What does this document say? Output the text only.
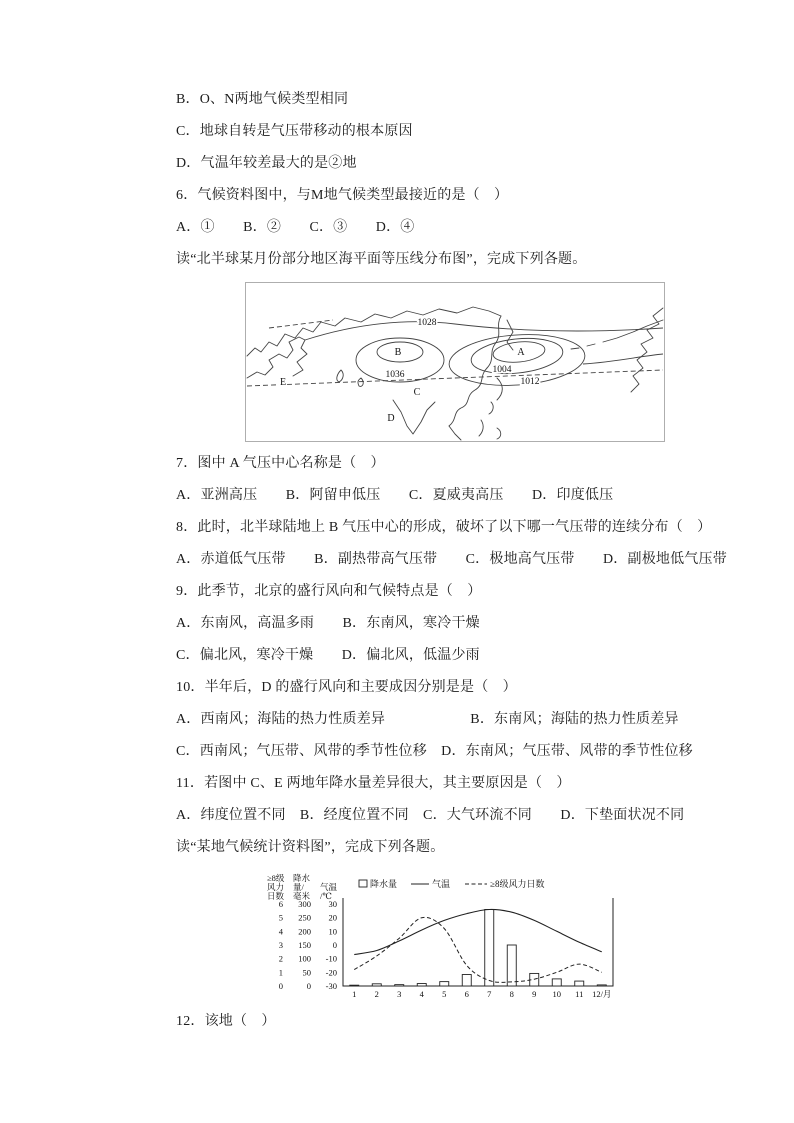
B．O、N两地气候类型相同

C．地球自转是气压带移动的根本原因

D．气温年较差最大的是②地

6．气候资料图中，与M地气候类型最接近的是（　）

A．①　　B．②　　C．③　　D．④

读“北半球某月份部分地区海平面等压线分布图”，完成下列各题。

1028
B
1036
A
1004
1012
E
C
D

7．图中 A 气压中心名称是（　）

A．亚洲高压　　B．阿留申低压　　C．夏威夷高压　　D．印度低压

8．此时，北半球陆地上 B 气压中心的形成，破坏了以下哪一气压带的连续分布（　）

A．赤道低气压带　　B．副热带高气压带　　C．极地高气压带　　D．副极地低气压带

9．此季节，北京的盛行风向和气候特点是（　）

A．东南风，高温多雨　　B．东南风，寒冷干燥

C．偏北风，寒冷干燥　　D．偏北风，低温少雨

10．半年后，D 的盛行风向和主要成因分别是是（　）

A．西南风；海陆的热力性质差异　　　　　　B．东南风；海陆的热力性质差异

C．西南风；气压带、风带的季节性位移　D．东南风；气压带、风带的季节性位移

11．若图中 C、E 两地年降水量差异很大，其主要原因是（　）

A．纬度位置不同　B．经度位置不同　C．大气环流不同　　D．下垫面状况不同

读“某地气候统计资料图”，完成下列各题。

≥8级
风力
日数
降水
量/
毫米
气温
/℃
6
5
4
3
2
1
0
300
250
200
150
100
50
0
30
20
10
0
-10
-20
-30
1 2 3 4 5 6 7 8 9 10 11 12/月
降水量	气温	≥8级风力日数

12．该地（　）
